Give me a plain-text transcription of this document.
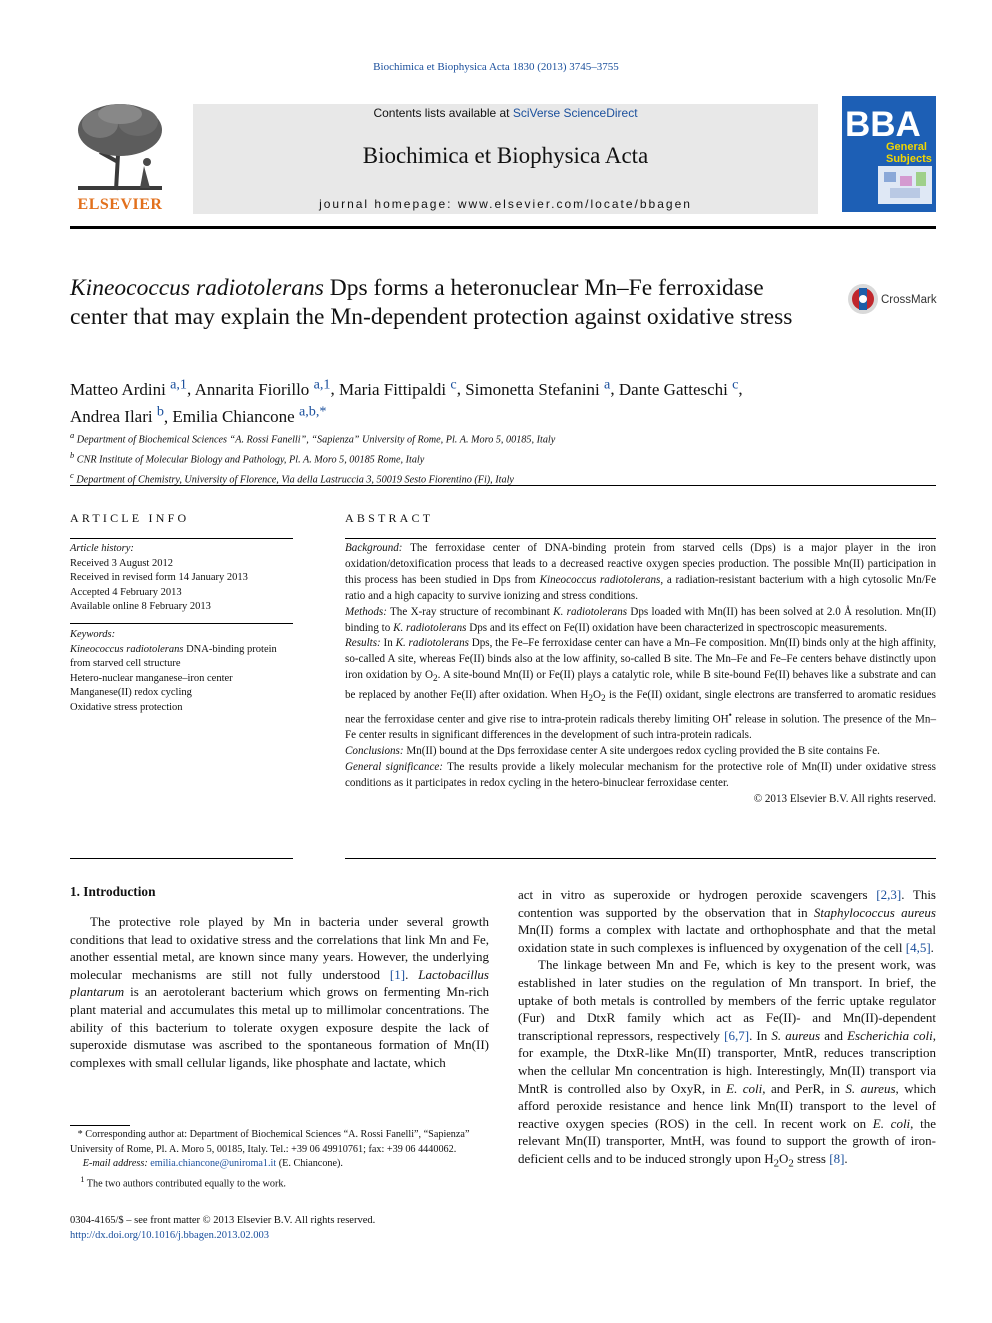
Biochimica et Biophysica Acta 1830 (2013) 3745–3755
ELSEVIER
Contents lists available at SciVerse ScienceDirect
Biochimica et Biophysica Acta
journal homepage: www.elsevier.com/locate/bbagen
BBA
General
Subjects
Kineococcus radiotolerans Dps forms a heteronuclear Mn–Fe ferroxidase center that may explain the Mn-dependent protection against oxidative stress
CrossMark
Matteo Ardini $^{a,1}$, Annarita Fiorillo $^{a,1}$, Maria Fittipaldi $^c$, Simonetta Stefanini $^a$, Dante Gatteschi $^c$,
Andrea Ilari $^b$, Emilia Chiancone $^{a,b,*}$
$^a$ Department of Biochemical Sciences “A. Rossi Fanelli”, “Sapienza” University of Rome, Pl. A. Moro 5, 00185, Italy
$^b$ CNR Institute of Molecular Biology and Pathology, Pl. A. Moro 5, 00185 Rome, Italy
$^c$ Department of Chemistry, University of Florence, Via della Lastruccia 3, 50019 Sesto Fiorentino (Fi), Italy
ARTICLE INFO
Article history:
Received 3 August 2012
Received in revised form 14 January 2013
Accepted 4 February 2013
Available online 8 February 2013
Keywords:
Kineococcus radiotolerans DNA-binding protein from starved cell structure
Hetero-nuclear manganese–iron center
Manganese(II) redox cycling
Oxidative stress protection
ABSTRACT

Background: The ferroxidase center of DNA-binding protein from starved cells (Dps) is a major player in the iron oxidation/detoxification process that leads to a decreased reactive oxygen species production. The possible Mn(II) participation in this process has been studied in Dps from Kineococcus radiotolerans, a radiation-resistant bacterium with a high cytosolic Mn/Fe ratio and a high capacity to survive ionizing and stress conditions.

Methods: The X-ray structure of recombinant K. radiotolerans Dps loaded with Mn(II) has been solved at 2.0 Å resolution. Mn(II) binding to K. radiotolerans Dps and its effect on Fe(II) oxidation have been characterized in spectroscopic measurements.

Results: In K. radiotolerans Dps, the Fe–Fe ferroxidase center can have a Mn–Fe composition. Mn(II) binds only at the high affinity, so-called A site, whereas Fe(II) binds also at the low affinity, so-called B site. The Mn–Fe and Fe–Fe centers behave distinctly upon iron oxidation by $O_2$. A site-bound Mn(II) or Fe(II) plays a catalytic role, while B site-bound Fe(II) behaves like a substrate and can be replaced by another Fe(II) after oxidation. When $H_2O_2$ is the Fe(II) oxidant, single electrons are transferred to aromatic residues near the ferroxidase center and give rise to intra-protein radicals thereby limiting OH• release in solution. The presence of the Mn–Fe center results in significant differences in the development of such intra-protein radicals.

Conclusions: Mn(II) bound at the Dps ferroxidase center A site undergoes redox cycling provided the B site contains Fe.

General significance: The results provide a likely molecular mechanism for the protective role of Mn(II) under oxidative stress conditions as it participates in redox cycling in the hetero-binuclear ferroxidase center.

© 2013 Elsevier B.V. All rights reserved.

1. Introduction

The protective role played by Mn in bacteria under several growth conditions that lead to oxidative stress and the correlations that link Mn and Fe, another essential metal, are known since many years. However, the underlying molecular mechanisms are still not fully understood [1]. Lactobacillus plantarum is an aerotolerant bacterium which grows on fermenting Mn-rich plant material and accumulates this metal up to millimolar concentrations. The ability of this bacterium to tolerate oxygen exposure despite the lack of superoxide dismutase was ascribed to the spontaneous formation of Mn(II) complexes with small cellular ligands, like phosphate and lactate, which

act in vitro as superoxide or hydrogen peroxide scavengers [2,3]. This contention was supported by the observation that in Staphylococcus aureus Mn(II) forms a complex with lactate and orthophosphate and that the metal oxidation state in such complexes is influenced by oxygenation of the cell [4,5].

The linkage between Mn and Fe, which is key to the present work, was established in later studies on the regulation of Mn transport. In brief, the uptake of both metals is controlled by members of the ferric uptake regulator (Fur) and DtxR family which act as Fe(II)- and Mn(II)-dependent transcriptional repressors, respectively [6,7]. In S. aureus and Escherichia coli, for example, the DtxR-like Mn(II) transporter, MntR, reduces transcription when the cellular Mn concentration is high. Interestingly, Mn(II) transport via MntR is controlled also by OxyR, in E. coli, and PerR, in S. aureus, which afford peroxide resistance and hence link Mn(II) transport to the level of reactive oxygen species (ROS) in the cell. In recent work on E. coli, the relevant Mn(II) transporter, MntH, was found to support the growth of iron-deficient cells and to be induced strongly upon $H_2O_2$ stress [8].

* Corresponding author at: Department of Biochemical Sciences “A. Rossi Fanelli”, “Sapienza” University of Rome, Pl. A. Moro 5, 00185, Italy. Tel.: +39 06 49910761; fax: +39 06 4440062.

E-mail address: emilia.chiancone@uniroma1.it (E. Chiancone).

$^1$ The two authors contributed equally to the work.

0304-4165/$ – see front matter © 2013 Elsevier B.V. All rights reserved.

http://dx.doi.org/10.1016/j.bbagen.2013.02.003
